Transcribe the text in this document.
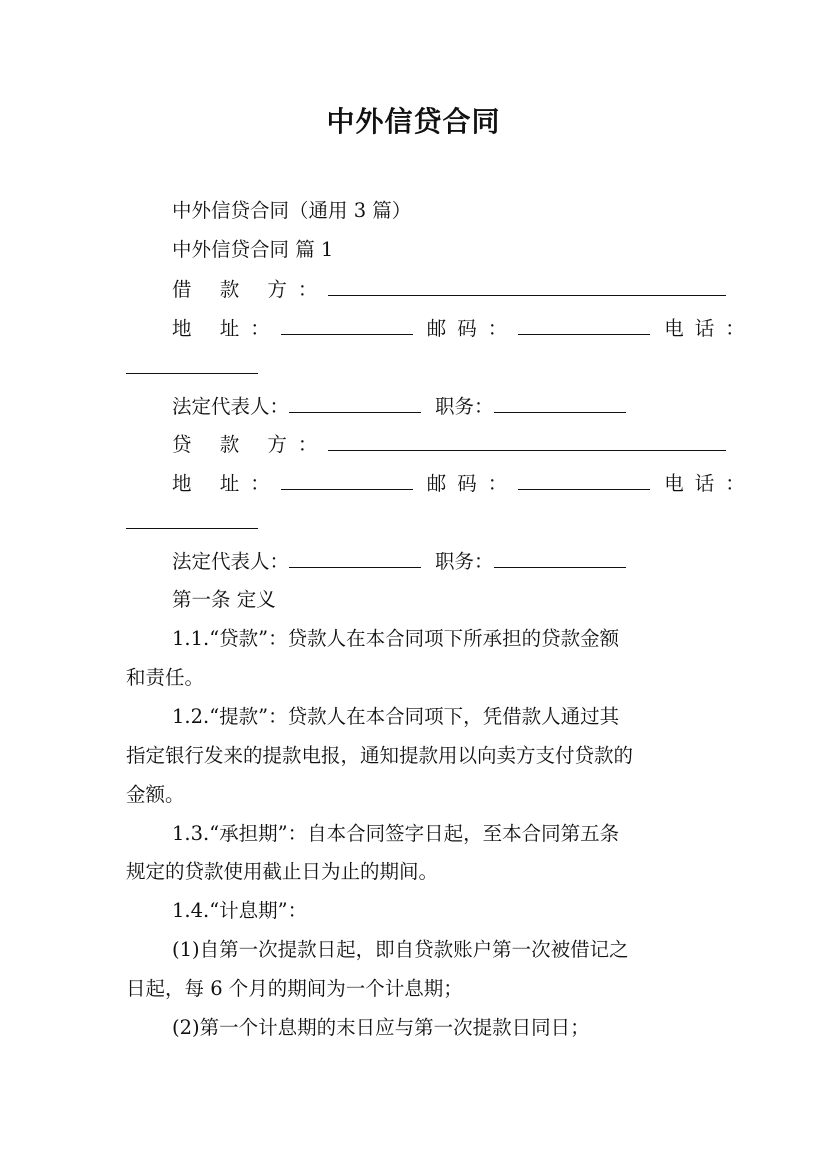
中外信贷合同
中外信贷合同（通用 3 篇）
中外信贷合同 篇 1
借 款 方：
地 址：	邮码：	电话：
法定代表人：	职务：
贷 款 方：
地 址：	邮码：	电话：
法定代表人：	职务：
第一条 定义
1.1.“贷款”：贷款人在本合同项下所承担的贷款金额
和责任。
1.2.“提款”：贷款人在本合同项下，凭借款人通过其
指定银行发来的提款电报，通知提款用以向卖方支付贷款的
金额。
1.3.“承担期”：自本合同签字日起，至本合同第五条
规定的贷款使用截止日为止的期间。
1.4.“计息期”：
(1)自第一次提款日起，即自贷款账户第一次被借记之
日起，每 6 个月的期间为一个计息期；
(2)第一个计息期的末日应与第一次提款日同日；
